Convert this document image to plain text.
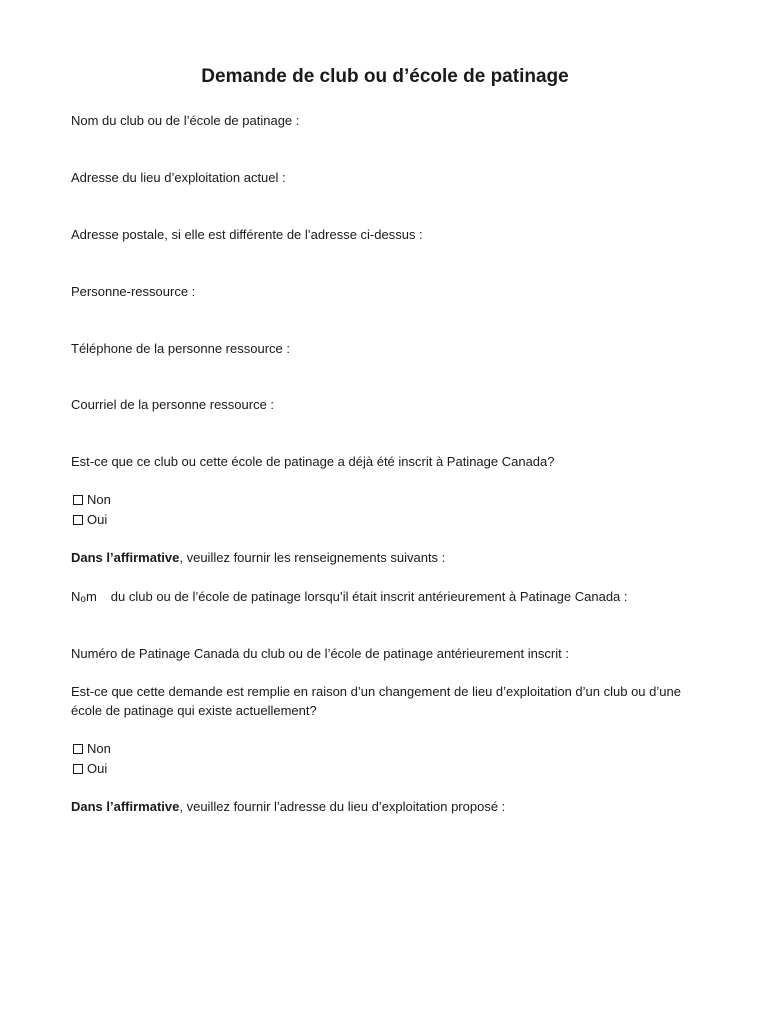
Demande de club ou d’école de patinage
Nom du club ou de l’école de patinage :
Adresse du lieu d’exploitation actuel :
Adresse postale, si elle est différente de l’adresse ci-dessus :
Personne-ressource :
Téléphone de la personne ressource :
Courriel de la personne ressource :
Est-ce que ce club ou cette école de patinage a déjà été inscrit à Patinage Canada?
Non
Oui
Dans l’affirmative, veuillez fournir les renseignements suivants :
Nom du club ou de l’école de patinage lorsqu’il était inscrit antérieurement à Patinage Canada :
Numéro de Patinage Canada du club ou de l’école de patinage antérieurement inscrit :
Est-ce que cette demande est remplie en raison d’un changement de lieu d’exploitation d’un club ou d’une école de patinage qui existe actuellement?
Non
Oui
Dans l’affirmative, veuillez fournir l’adresse du lieu d’exploitation proposé :
